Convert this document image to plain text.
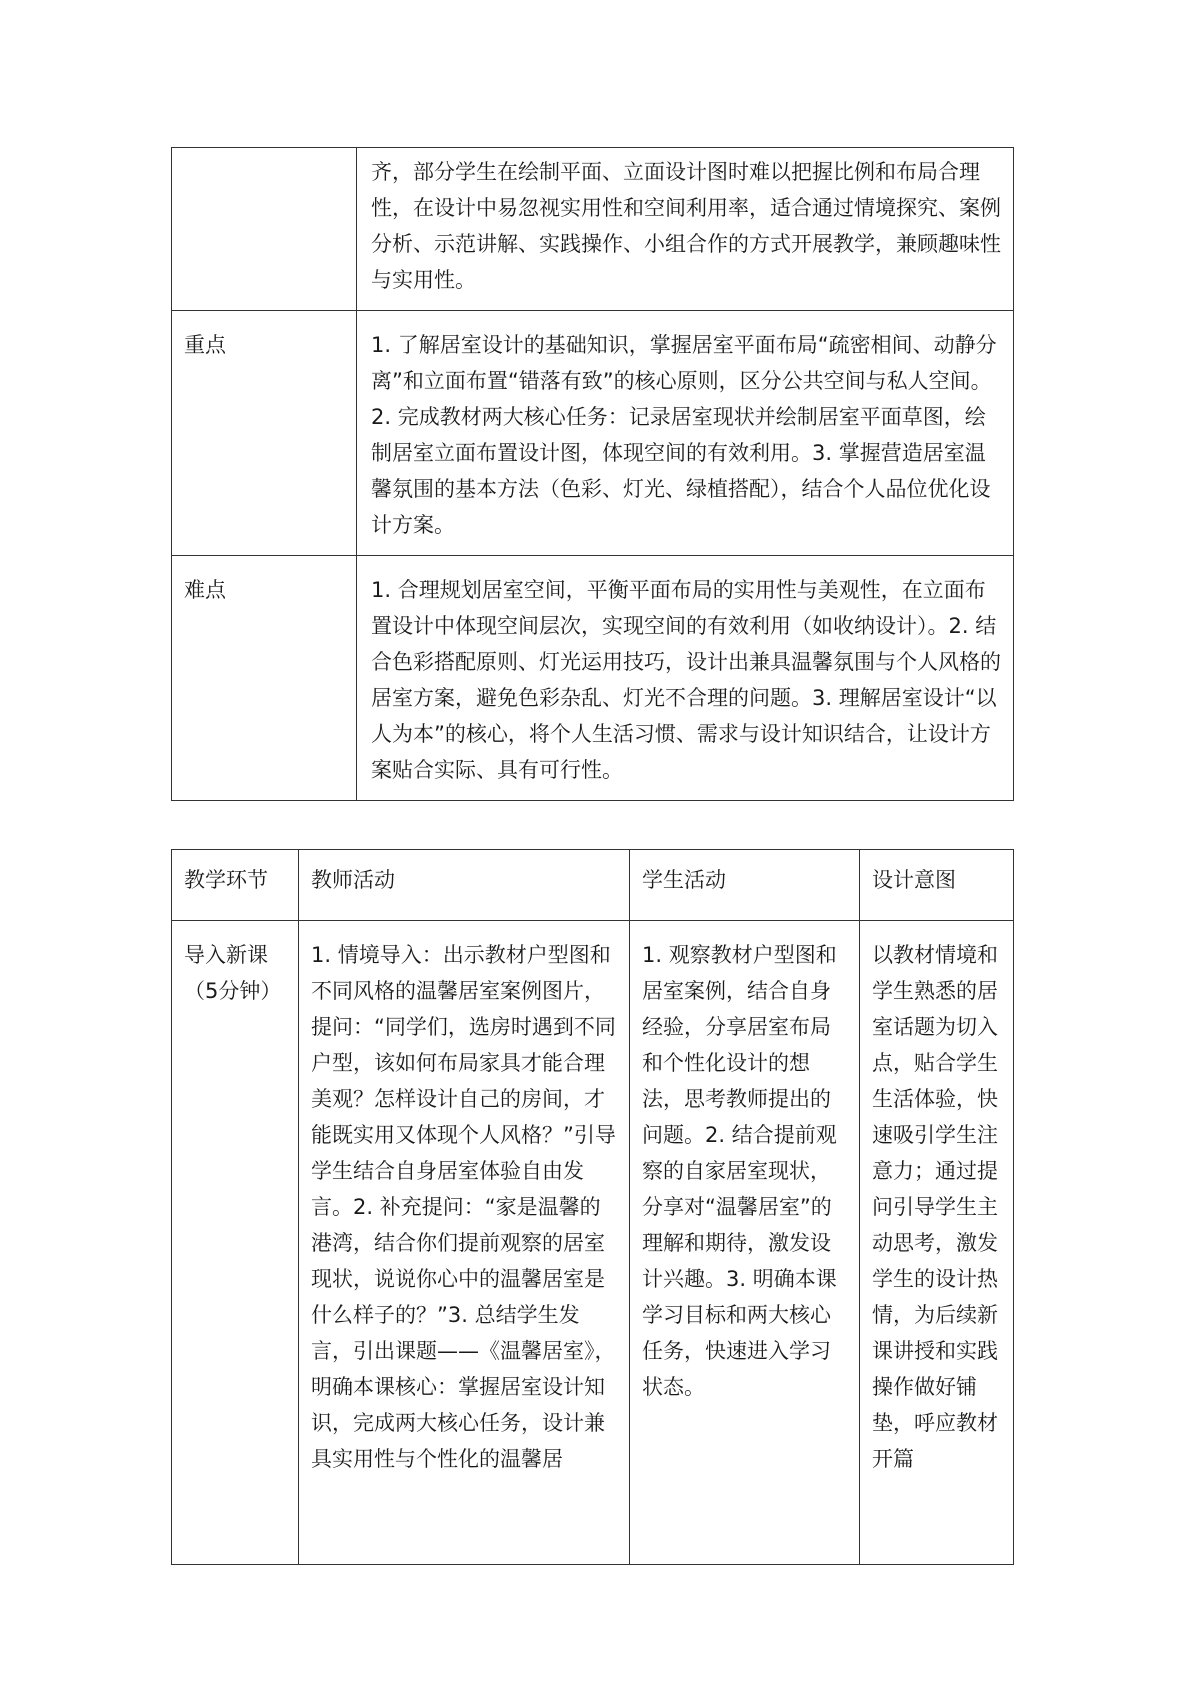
	齐，部分学生在绘制平面、立面设计图时难以把握比例和布局合理性，在设计中易忽视实用性和空间利用率，适合通过情境探究、案例分析、示范讲解、实践操作、小组合作的方式开展教学，兼顾趣味性与实用性。
重点	1. 了解居室设计的基础知识，掌握居室平面布局“疏密相间、动静分离”和立面布置“错落有致”的核心原则，区分公共空间与私人空间。2. 完成教材两大核心任务：记录居室现状并绘制居室平面草图，绘制居室立面布置设计图，体现空间的有效利用。3. 掌握营造居室温馨氛围的基本方法（色彩、灯光、绿植搭配），结合个人品位优化设计方案。
难点	1. 合理规划居室空间，平衡平面布局的实用性与美观性，在立面布置设计中体现空间层次，实现空间的有效利用（如收纳设计）。2. 结合色彩搭配原则、灯光运用技巧，设计出兼具温馨氛围与个人风格的居室方案，避免色彩杂乱、灯光不合理的问题。3. 理解居室设计“以人为本”的核心，将个人生活习惯、需求与设计知识结合，让设计方案贴合实际、具有可行性。
教学环节	教师活动	学生活动	设计意图
导入新课（5分钟）	1. 情境导入：出示教材户型图和不同风格的温馨居室案例图片，提问：“同学们，选房时遇到不同户型，该如何布局家具才能合理美观？怎样设计自己的房间，才能既实用又体现个人风格？”引导学生结合自身居室体验自由发言。2. 补充提问：“家是温馨的港湾，结合你们提前观察的居室现状，说说你心中的温馨居室是什么样子的？”3. 总结学生发言，引出课题——《温馨居室》，明确本课核心：掌握居室设计知识，完成两大核心任务，设计兼具实用性与个性化的温馨居	1. 观察教材户型图和居室案例，结合自身经验，分享居室布局和个性化设计的想法，思考教师提出的问题。2. 结合提前观察的自家居室现状，分享对“温馨居室”的理解和期待，激发设计兴趣。3. 明确本课学习目标和两大核心任务，快速进入学习状态。	以教材情境和学生熟悉的居室话题为切入点，贴合学生生活体验，快速吸引学生注意力；通过提问引导学生主动思考，激发学生的设计热情，为后续新课讲授和实践操作做好铺垫，呼应教材开篇
